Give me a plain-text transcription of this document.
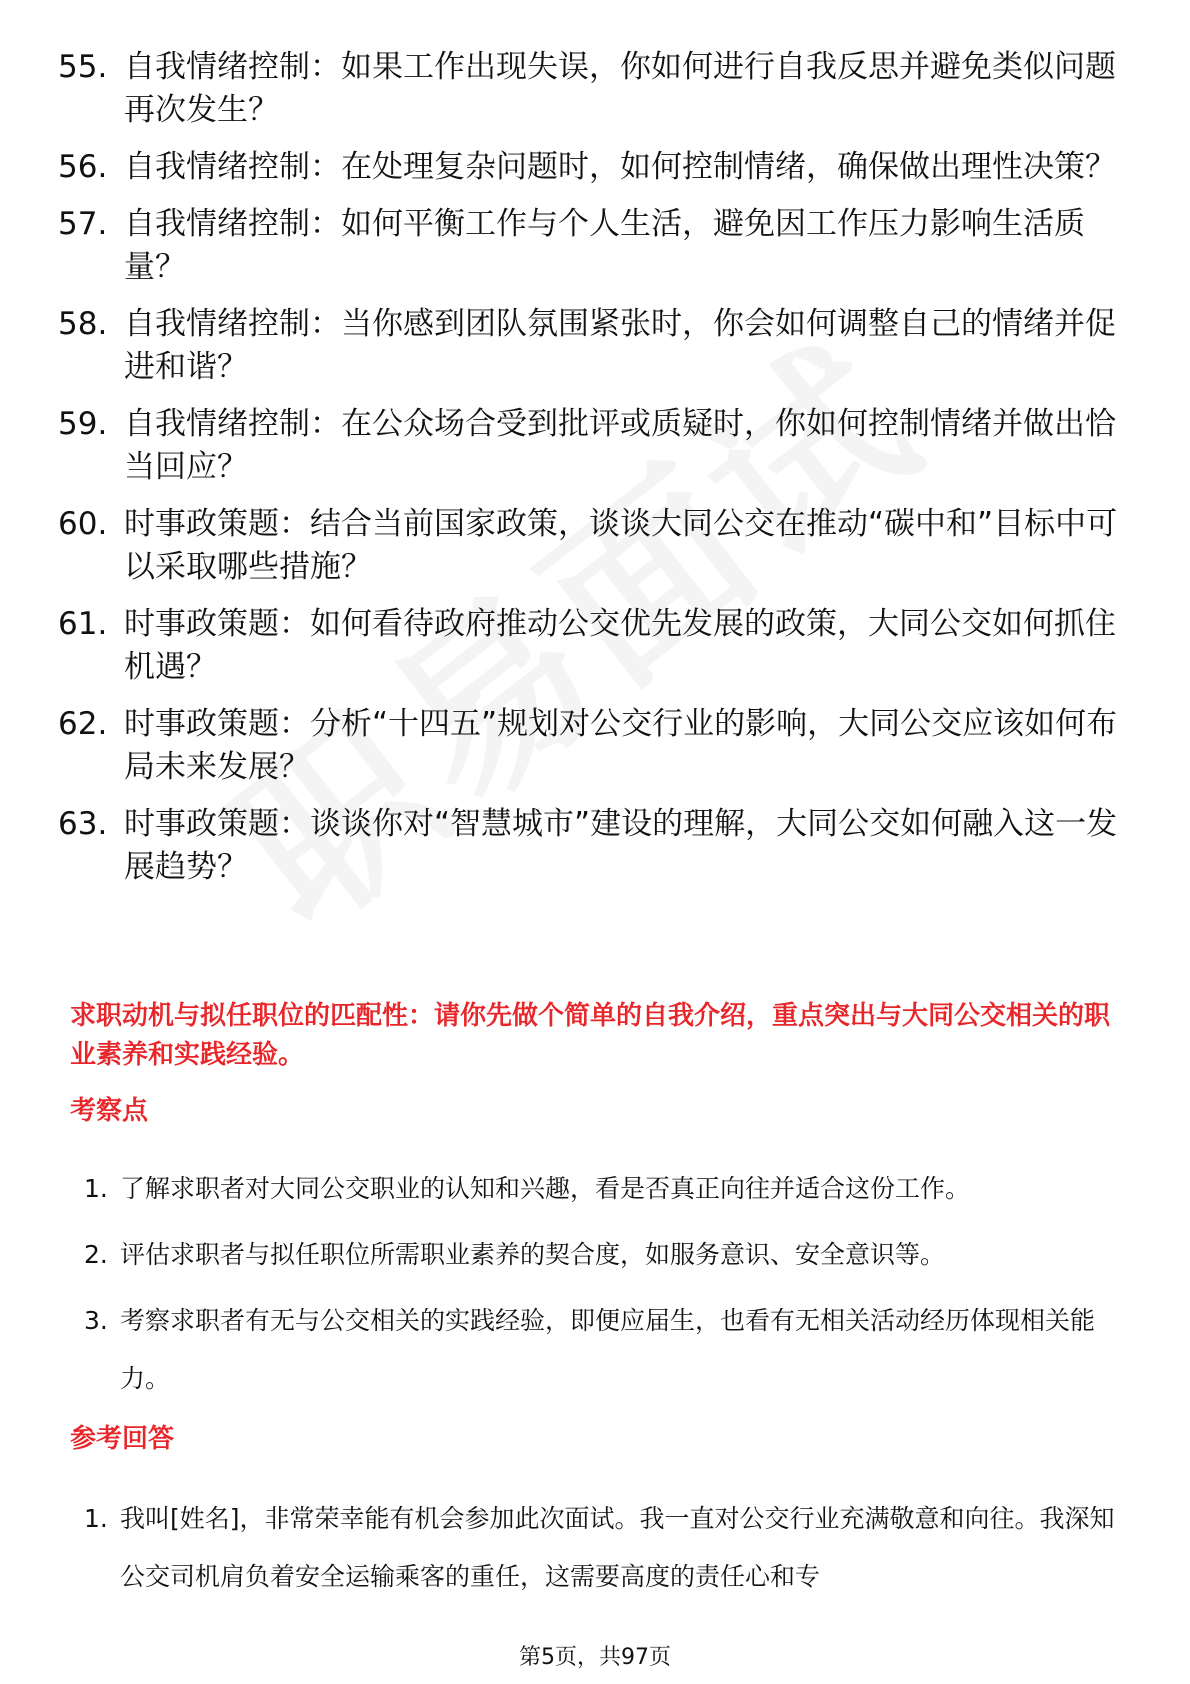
55. 自我情绪控制：如果工作出现失误，你如何进行自我反思并避免类似问题再次发生？
56. 自我情绪控制：在处理复杂问题时，如何控制情绪，确保做出理性决策？
57. 自我情绪控制：如何平衡工作与个人生活，避免因工作压力影响生活质量？
58. 自我情绪控制：当你感到团队氛围紧张时，你会如何调整自己的情绪并促进和谐？
59. 自我情绪控制：在公众场合受到批评或质疑时，你如何控制情绪并做出恰当回应？
60. 时事政策题：结合当前国家政策，谈谈大同公交在推动“碳中和”目标中可以采取哪些措施？
61. 时事政策题：如何看待政府推动公交优先发展的政策，大同公交如何抓住机遇？
62. 时事政策题：分析“十四五”规划对公交行业的影响，大同公交应该如何布局未来发展？
63. 时事政策题：谈谈你对“智慧城市”建设的理解，大同公交如何融入这一发展趋势？
求职动机与拟任职位的匹配性：请你先做个简单的自我介绍，重点突出与大同公交相关的职业素养和实践经验。
考察点
1. 了解求职者对大同公交职业的认知和兴趣，看是否真正向往并适合这份工作。
2. 评估求职者与拟任职位所需职业素养的契合度，如服务意识、安全意识等。
3. 考察求职者有无与公交相关的实践经验，即便应届生，也看有无相关活动经历体现相关能力。
参考回答
1. 我叫[姓名]，非常荣幸能有机会参加此次面试。我一直对公交行业充满敬意和向往。我深知公交司机肩负着安全运输乘客的重任，这需要高度的责任心和专
第5页，共97页
